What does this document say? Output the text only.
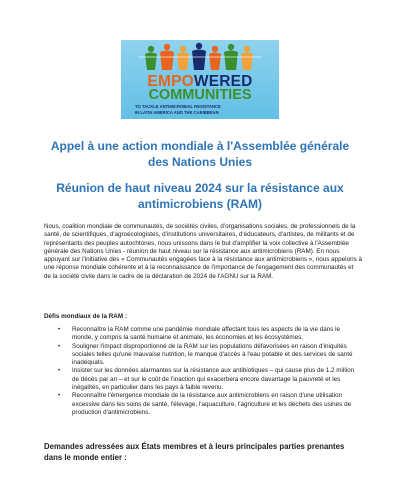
EMPOWERED
COMMUNITIES
TO TACKLE ANTIMICROBIAL RESISTANCE
IN LATIN AMERICA AND THE CARIBBEAN
Appel à une action mondiale à l'Assemblée générale des Nations Unies
Réunion de haut niveau 2024 sur la résistance aux antimicrobiens (RAM)
Nous, coalition mondiale de communautés, de sociétés civiles, d'organisations sociales, de professionnels de la santé, de scientifiques, d'agroécologistes, d'institutions universitaires, d'éducateurs, d'artistes, de militants et de représentants des peuples autochtones, nous unissons dans le but d'amplifier la voix collective à l'Assemblée générale des Nations Unies - réunion de haut niveau sur la résistance aux antimicrobiens (RAM). En nous appuyant sur l'initiative des « Communautés engagées face à la résistance aux antimicrobiens », nous appelons à une réponse mondiale cohérente et à la reconnaissance de l'importance de l'engagement des communautés et de la société civile dans le cadre de la déclaration de 2024 de l'AGNU sur la RAM.
Défis mondiaux de la RAM :
• Reconnaître la RAM comme une pandémie mondiale affectant tous les aspects de la vie dans le monde, y compris la santé humaine et animale, les économies et les écosystèmes.
• Souligner l'impact disproportionné de la RAM sur les populations défavorisées en raison d'iniquités sociales telles qu'une mauvaise nutrition, le manque d'accès à l'eau potable et des services de santé inadéquats.
• Insister sur les données alarmantes sur la résistance aux antibiotiques – qui cause plus de 1,2 million de décès par an – et sur le coût de l'inaction qui exacerbera encore davantage la pauvreté et les inégalités, en particulier dans les pays à faible revenu.
• Reconnaître l'émergence mondiale de la résistance aux antimicrobiens en raison d'une utilisation excessive dans les soins de santé, l'élevage, l'aquaculture, l'agriculture et les déchets des usines de production d'antimicrobiens.
Demandes adressées aux États membres et à leurs principales parties prenantes dans le monde entier :
